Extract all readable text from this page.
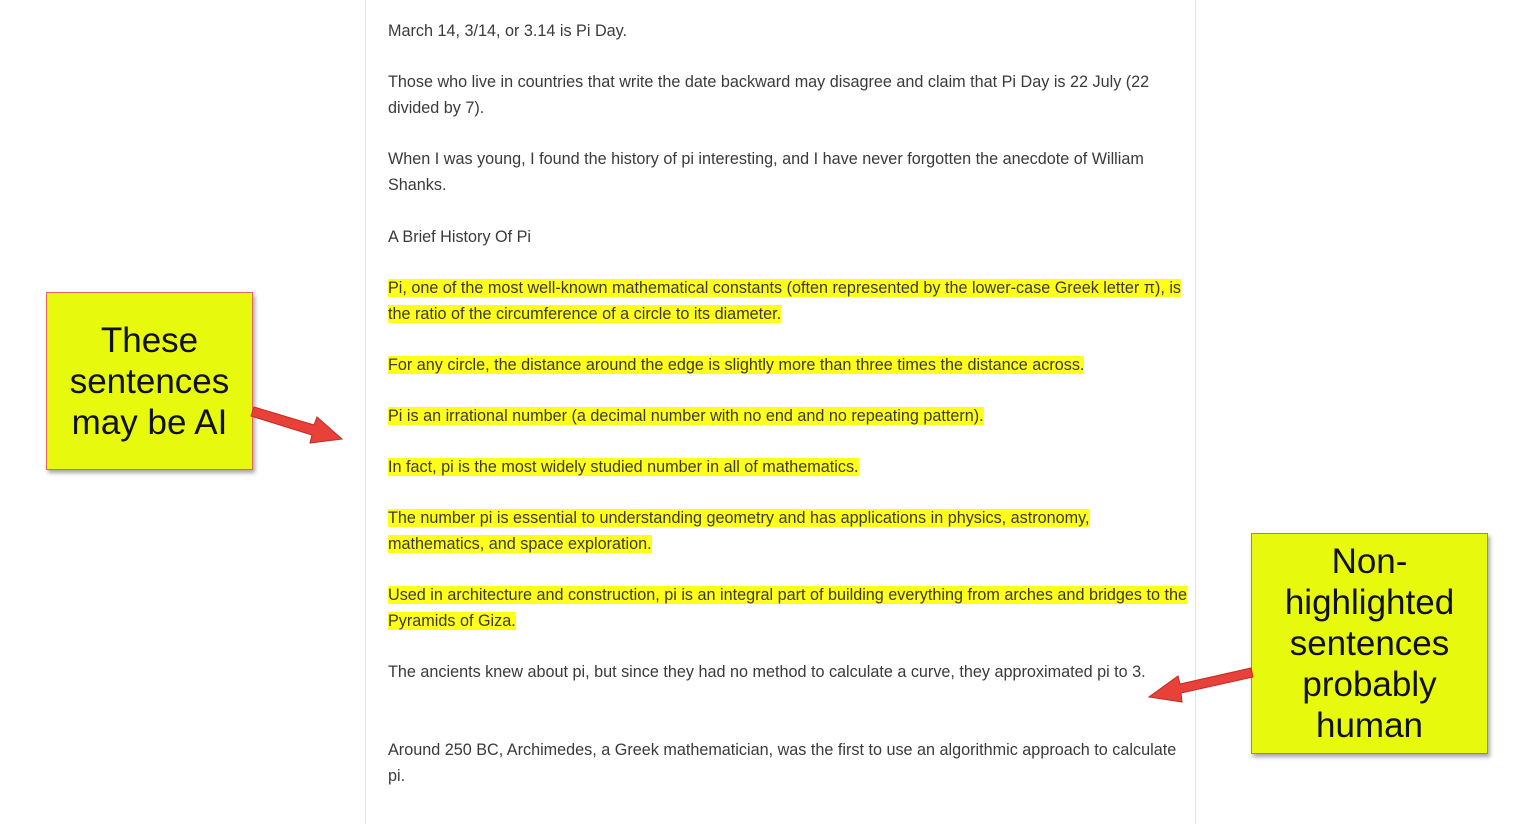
March 14, 3/14, or 3.14 is Pi Day.

Those who live in countries that write the date backward may disagree and claim that Pi Day is 22 July (22 divided by 7).

When I was young, I found the history of pi interesting, and I have never forgotten the anecdote of William Shanks.

A Brief History Of Pi

Pi, one of the most well-known mathematical constants (often represented by the lower-case Greek letter π), is the ratio of the circumference of a circle to its diameter.

For any circle, the distance around the edge is slightly more than three times the distance across.

Pi is an irrational number (a decimal number with no end and no repeating pattern).

In fact, pi is the most widely studied number in all of mathematics.

The number pi is essential to understanding geometry and has applications in physics, astronomy, mathematics, and space exploration.

Used in architecture and construction, pi is an integral part of building everything from arches and bridges to the Pyramids of Giza.

The ancients knew about pi, but since they had no method to calculate a curve, they approximated pi to 3.

Around 250 BC, Archimedes, a Greek mathematician, was the first to use an algorithmic approach to calculate pi.

These
sentences
may be AI
Non-
highlighted
sentences
probably
human
